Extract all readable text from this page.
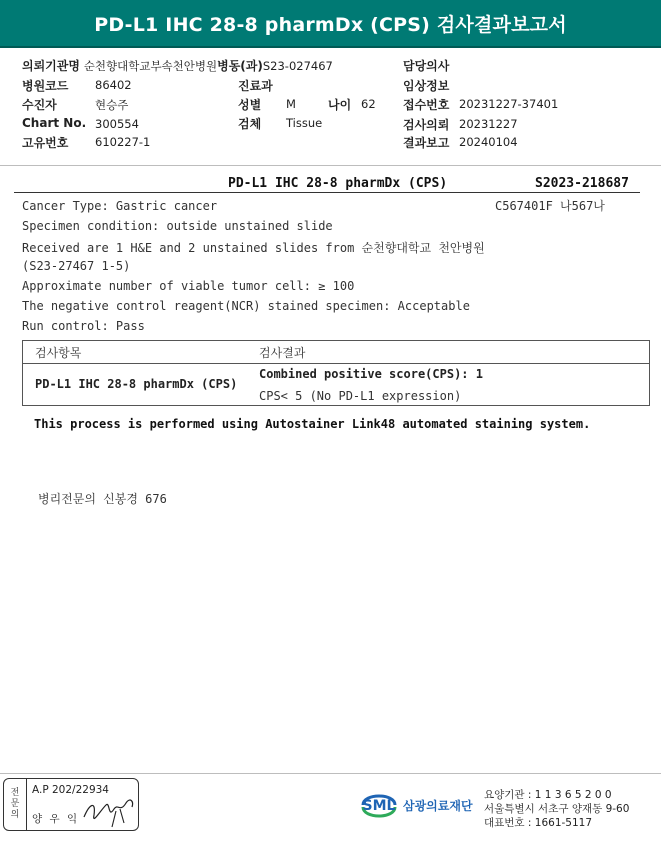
PD-L1 IHC 28-8 pharmDx (CPS) 검사결과보고서
의뢰기관명 순천향대학교부속천안병원병동(과)S23-027467	담당의사
병원코드 86402	진료과	임상정보
수진자	현승주	성별 M	나이 62 접수번호 20231227-37401
Chart No. 300554	검체 Tissue	검사의뢰 20231227
고유번호 610227-1	결과보고 20240104
PD-L1 IHC 28-8 pharmDx (CPS)	S2023-218687
C567401F 나567나
Cancer Type: Gastric cancer
Specimen condition: outside unstained slide
Received are 1 H&E and 2 unstained slides from 순천향대학교 천안병원
(S23-27467 1-5)
Approximate number of viable tumor cell: ≥ 100
The negative control reagent(NCR) stained specimen: Acceptable
Run control: Pass
검사항목	검사결과
PD-L1 IHC 28-8 pharmDx (CPS)
Combined positive score(CPS): 1
CPS< 5 (No PD-L1 expression)
This process is performed using Autostainer Link48 automated staining system.
병리전문의 신봉경 676
전
문
의
A.P 202/22934
양 우 익
SML 삼광의료재단
요양기관 : 1 1 3 6 5 2 0 0
서울특별시 서초구 양재동 9-60
대표번호 : 1661-5117
